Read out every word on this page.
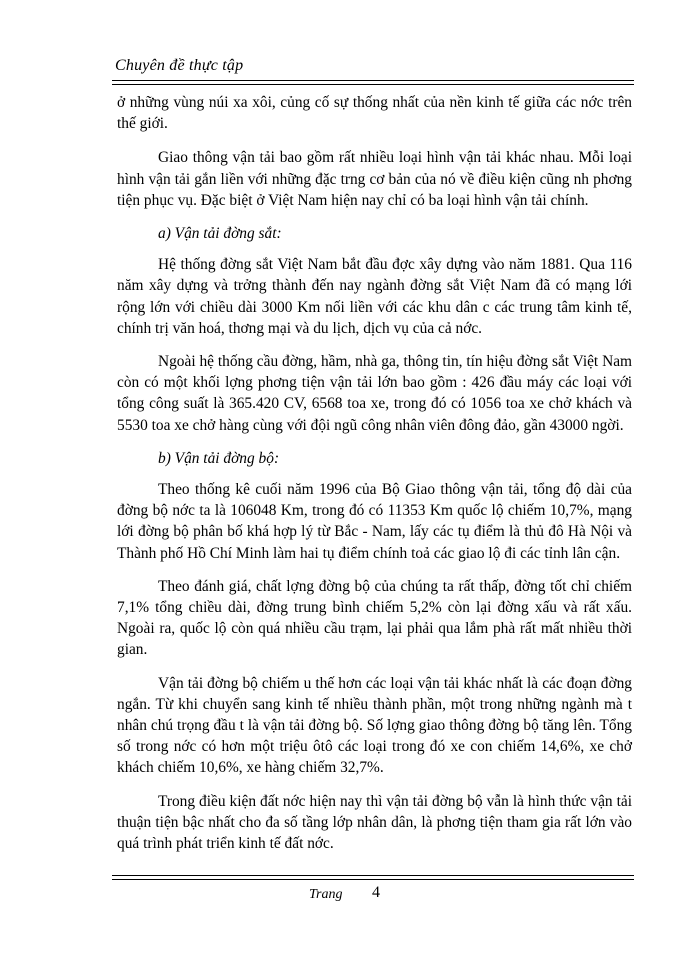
Chuyên đề thực tập

ở những vùng núi xa xôi, củng cố sự thống nhất của nền kinh tế giữa các nớc trên thế giới.

Giao thông vận tải bao gồm rất nhiều loại hình vận tải khác nhau. Mỗi loại hình vận tải gắn liền với những đặc trng cơ bản của nó về điều kiện cũng nh phơng tiện phục vụ. Đặc biệt ở Việt Nam hiện nay chỉ có ba loại hình vận tải chính.

a) Vận tải đờng sắt:

Hệ thống đờng sắt Việt Nam bắt đầu đợc xây dựng vào năm 1881. Qua 116 năm xây dựng và trởng thành đến nay ngành đờng sắt Việt Nam đã có mạng lới rộng lớn với chiều dài 3000 Km nối liền với các khu dân c các trung tâm kinh tế, chính trị văn hoá, thơng mại và du lịch, dịch vụ của cả nớc.

Ngoài hệ thống cầu đờng, hầm, nhà ga, thông tin, tín hiệu đờng sắt Việt Nam còn có một khối lợng phơng tiện vận tải lớn bao gồm : 426 đầu máy các loại với tổng công suất là 365.420 CV, 6568 toa xe, trong đó có 1056 toa xe chở khách và 5530 toa xe chở hàng cùng với đội ngũ công nhân viên đông đảo, gần 43000 ngời.

b) Vận tải đờng bộ:

Theo thống kê cuối năm 1996 của Bộ Giao thông vận tải, tổng độ dài của đờng bộ nớc ta là 106048 Km, trong đó có 11353 Km quốc lộ chiếm 10,7%, mạng lới đờng bộ phân bố khá hợp lý từ Bắc - Nam, lấy các tụ điểm là thủ đô Hà Nội và Thành phố Hồ Chí Minh làm hai tụ điểm chính toả các giao lộ đi các tỉnh lân cận.

Theo đánh giá, chất lợng đờng bộ của chúng ta rất thấp, đờng tốt chỉ chiếm 7,1% tổng chiều dài, đờng trung bình chiếm 5,2% còn lại đờng xấu và rất xấu. Ngoài ra, quốc lộ còn quá nhiều cầu trạm, lại phải qua lắm phà rất mất nhiều thời gian.

Vận tải đờng bộ chiếm u thế hơn các loại vận tải khác nhất là các đoạn đờng ngắn. Từ khi chuyển sang kinh tế nhiều thành phần, một trong những ngành mà t nhân chú trọng đầu t là vận tải đờng bộ. Số lợng giao thông đờng bộ tăng lên. Tổng số trong nớc có hơn một triệu ôtô các loại trong đó xe con chiếm 14,6%, xe chở khách chiếm 10,6%, xe hàng chiếm 32,7%.

Trong điều kiện đất nớc hiện nay thì vận tải đờng bộ vẫn là hình thức vận tải thuận tiện bậc nhất cho đa số tầng lớp nhân dân, là phơng tiện tham gia rất lớn vào quá trình phát triển kinh tế đất nớc.

Trang 4
